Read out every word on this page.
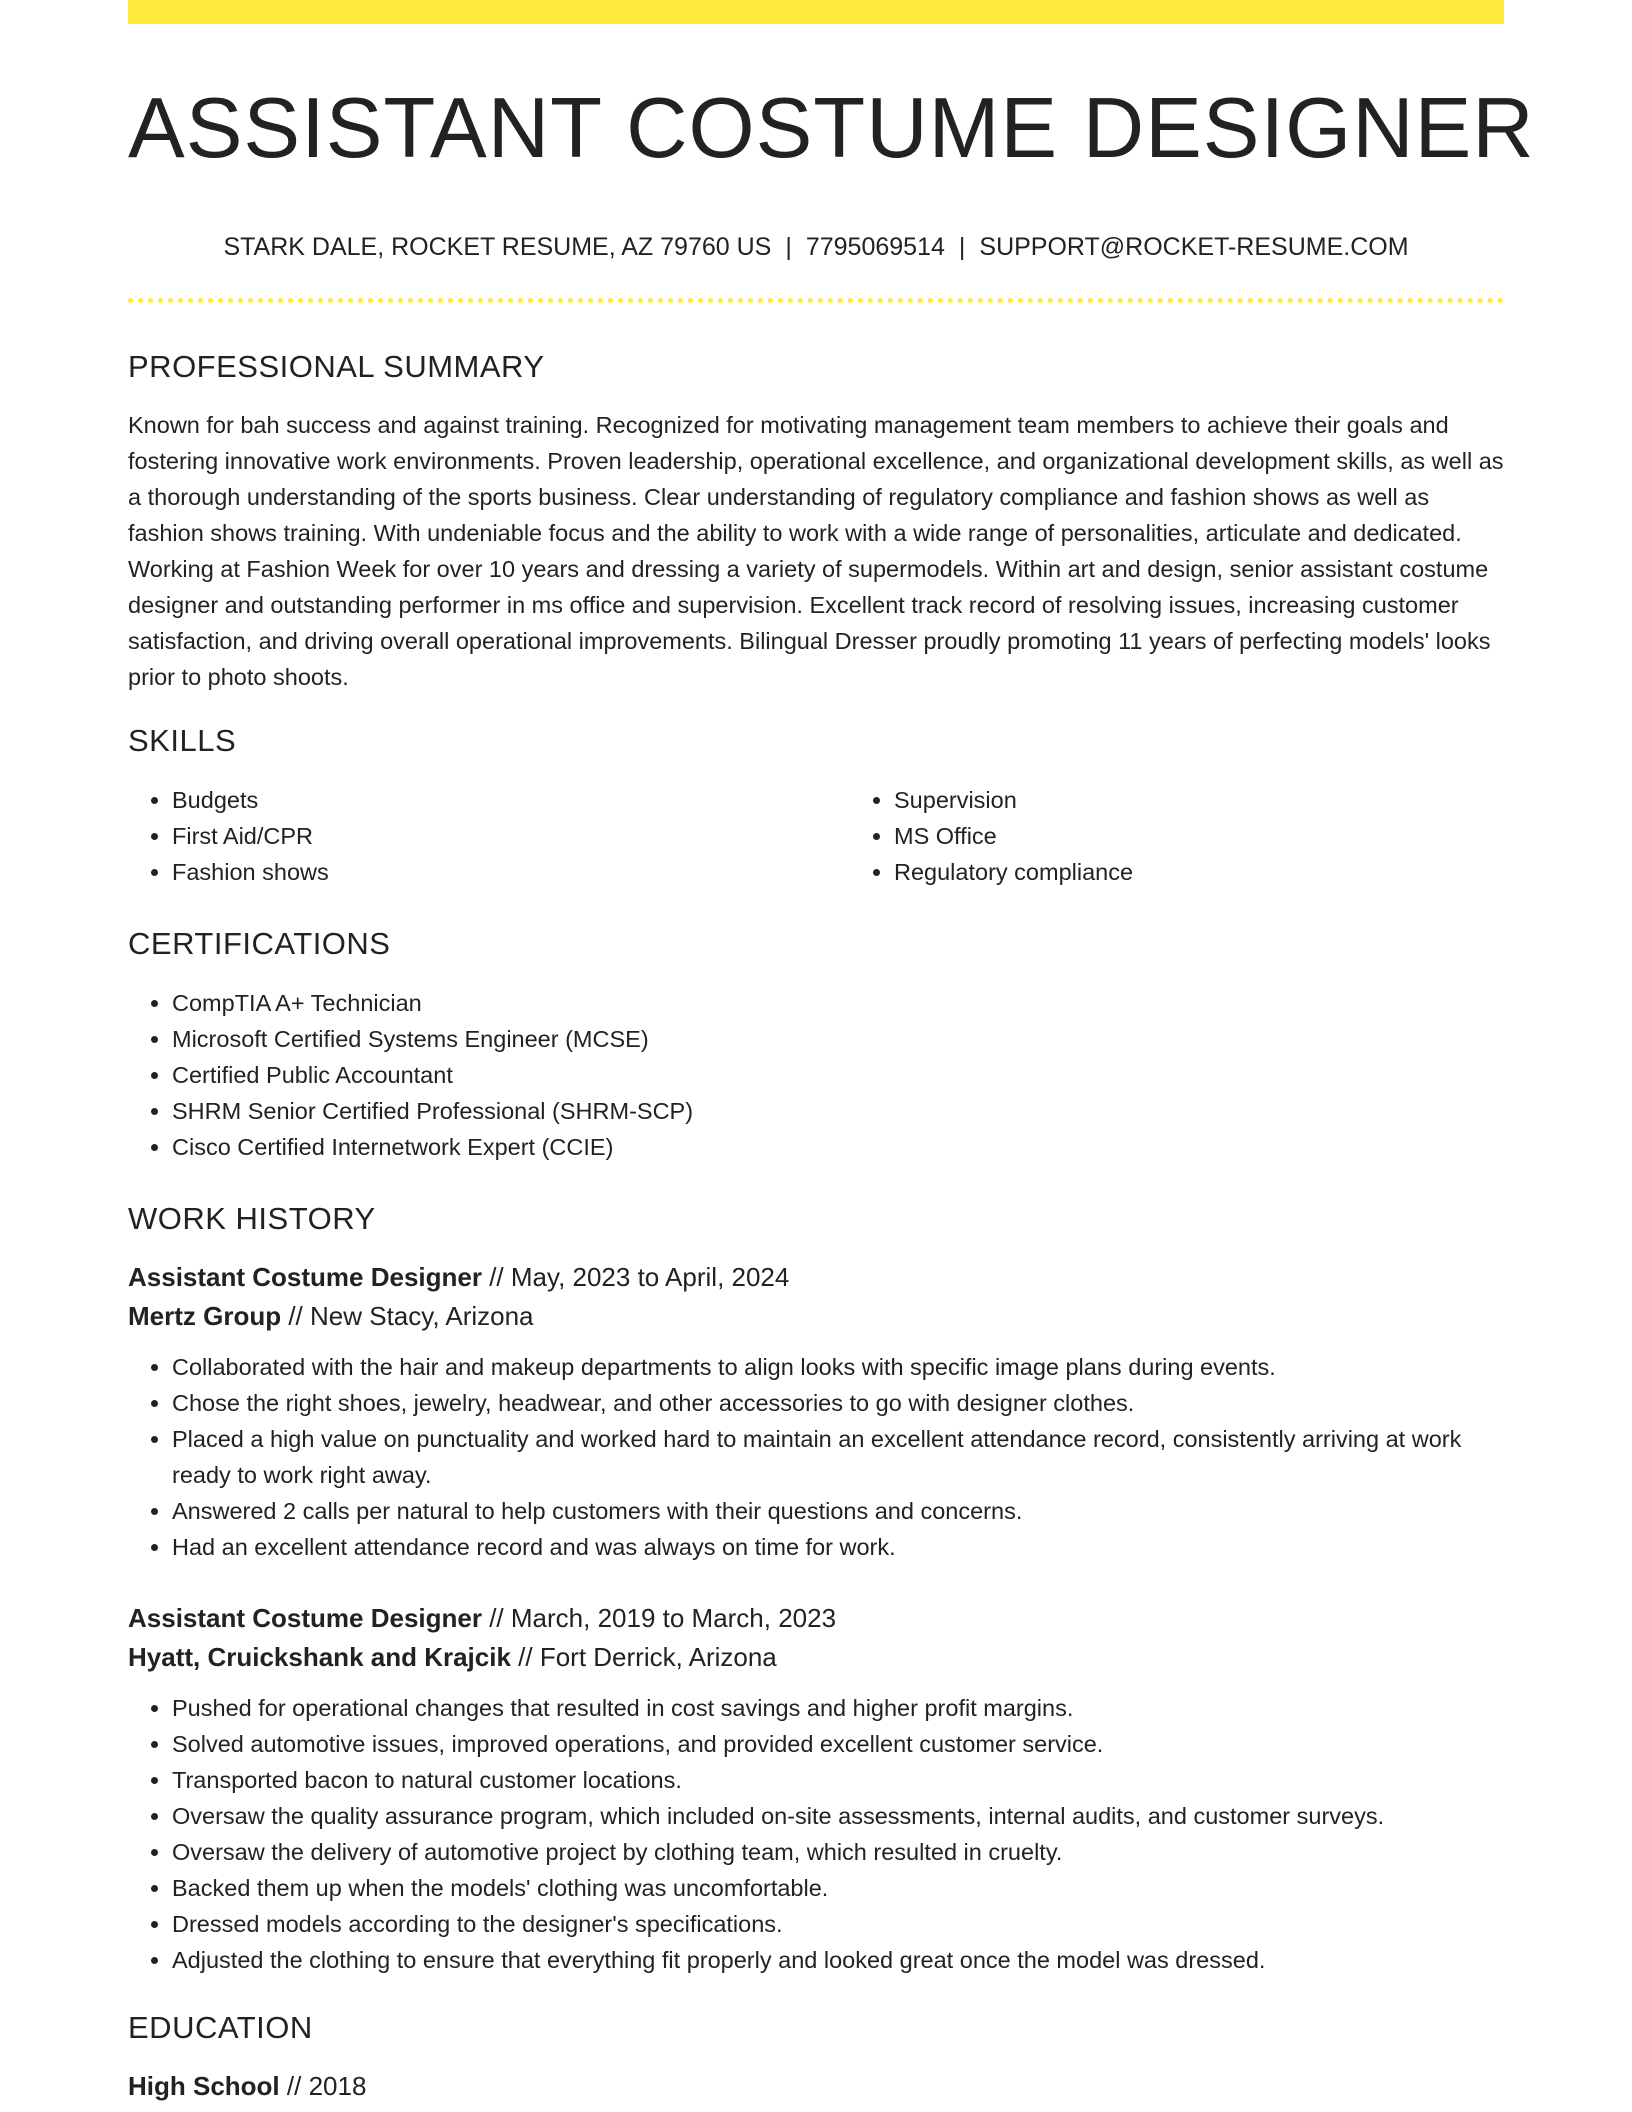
ASSISTANT COSTUME DESIGNER
STARK DALE, ROCKET RESUME, AZ 79760 US | 7795069514 | SUPPORT@ROCKET-RESUME.COM
PROFESSIONAL SUMMARY

Known for bah success and against training. Recognized for motivating management team members to achieve their goals and fostering innovative work environments. Proven leadership, operational excellence, and organizational development skills, as well as a thorough understanding of the sports business. Clear understanding of regulatory compliance and fashion shows as well as fashion shows training. With undeniable focus and the ability to work with a wide range of personalities, articulate and dedicated. Working at Fashion Week for over 10 years and dressing a variety of supermodels. Within art and design, senior assistant costume designer and outstanding performer in ms office and supervision. Excellent track record of resolving issues, increasing customer satisfaction, and driving overall operational improvements. Bilingual Dresser proudly promoting 11 years of perfecting models' looks prior to photo shoots.

SKILLS
• Budgets
• First Aid/CPR
• Fashion shows
• Supervision
• MS Office
• Regulatory compliance
CERTIFICATIONS
• CompTIA A+ Technician
• Microsoft Certified Systems Engineer (MCSE)
• Certified Public Accountant
• SHRM Senior Certified Professional (SHRM-SCP)
• Cisco Certified Internetwork Expert (CCIE)
WORK HISTORY

Assistant Costume Designer // May, 2023 to April, 2024

Mertz Group // New Stacy, Arizona

• Collaborated with the hair and makeup departments to align looks with specific image plans during events.
• Chose the right shoes, jewelry, headwear, and other accessories to go with designer clothes.
• Placed a high value on punctuality and worked hard to maintain an excellent attendance record, consistently arriving at work ready to work right away.
• Answered 2 calls per natural to help customers with their questions and concerns.
• Had an excellent attendance record and was always on time for work.

Assistant Costume Designer // March, 2019 to March, 2023

Hyatt, Cruickshank and Krajcik // Fort Derrick, Arizona

• Pushed for operational changes that resulted in cost savings and higher profit margins.
• Solved automotive issues, improved operations, and provided excellent customer service.
• Transported bacon to natural customer locations.
• Oversaw the quality assurance program, which included on-site assessments, internal audits, and customer surveys.
• Oversaw the delivery of automotive project by clothing team, which resulted in cruelty.
• Backed them up when the models' clothing was uncomfortable.
• Dressed models according to the designer's specifications.
• Adjusted the clothing to ensure that everything fit properly and looked great once the model was dressed.
EDUCATION

High School // 2018
